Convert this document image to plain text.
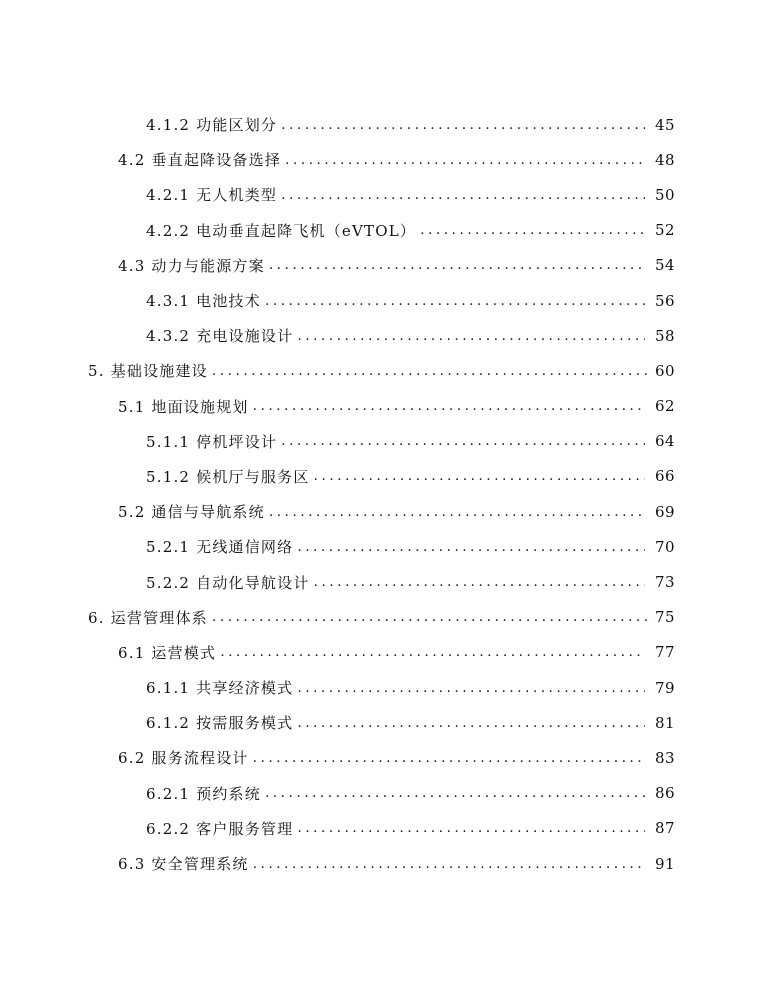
4.1.2 功能区划分 .....	45
4.2 垂直起降设备选择 .....	48
4.2.1 无人机类型 .....	50
4.2.2 电动垂直起降飞机（eVTOL） .....	52
4.3 动力与能源方案 .....	54
4.3.1 电池技术 .....	56
4.3.2 充电设施设计 .....	58
5. 基础设施建设 .....	60
5.1 地面设施规划 .....	62
5.1.1 停机坪设计 .....	64
5.1.2 候机厅与服务区 .....	66
5.2 通信与导航系统 .....	69
5.2.1 无线通信网络 .....	70
5.2.2 自动化导航设计 .....	73
6. 运营管理体系 .....	75
6.1 运营模式 .....	77
6.1.1 共享经济模式 .....	79
6.1.2 按需服务模式 .....	81
6.2 服务流程设计 .....	83
6.2.1 预约系统 .....	86
6.2.2 客户服务管理 .....	87
6.3 安全管理系统 .....	91
